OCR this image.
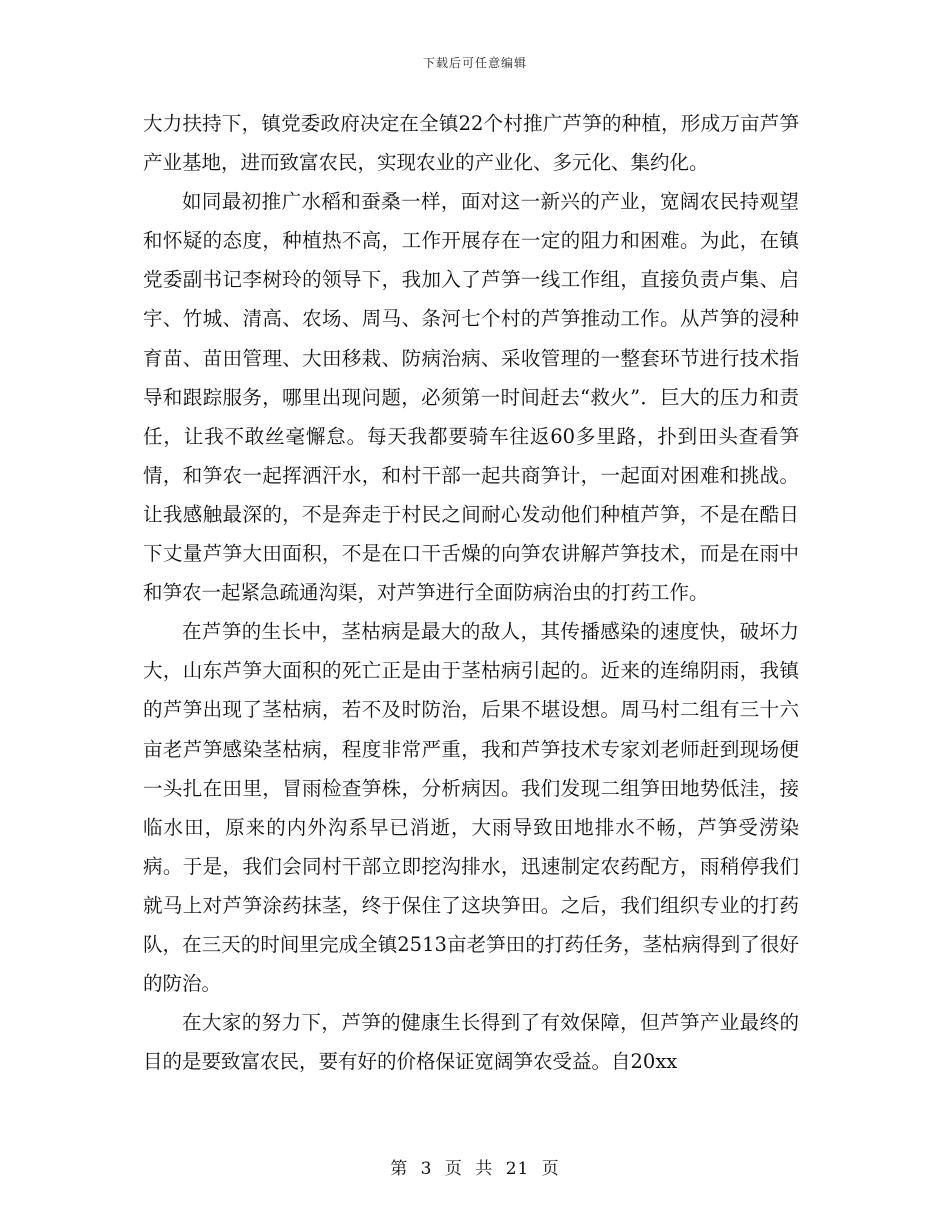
下载后可任意编辑

大力扶持下，镇党委政府决定在全镇22个村推广芦笋的种植，形成万亩芦笋产业基地，进而致富农民，实现农业的产业化、多元化、集约化。

如同最初推广水稻和蚕桑一样，面对这一新兴的产业，宽阔农民持观望和怀疑的态度，种植热不高，工作开展存在一定的阻力和困难。为此，在镇党委副书记李树玲的领导下，我加入了芦笋一线工作组，直接负责卢集、启宇、竹城、清高、农场、周马、条河七个村的芦笋推动工作。从芦笋的浸种育苗、苗田管理、大田移栽、防病治病、采收管理的一整套环节进行技术指导和跟踪服务，哪里出现问题，必须第一时间赶去“救火”．巨大的压力和责任，让我不敢丝毫懈怠。每天我都要骑车往返60多里路，扑到田头查看笋情，和笋农一起挥洒汗水，和村干部一起共商笋计，一起面对困难和挑战。让我感触最深的，不是奔走于村民之间耐心发动他们种植芦笋，不是在酷日下丈量芦笋大田面积，不是在口干舌燥的向笋农讲解芦笋技术，而是在雨中和笋农一起紧急疏通沟渠，对芦笋进行全面防病治虫的打药工作。

在芦笋的生长中，茎枯病是最大的敌人，其传播感染的速度快，破坏力大，山东芦笋大面积的死亡正是由于茎枯病引起的。近来的连绵阴雨，我镇的芦笋出现了茎枯病，若不及时防治，后果不堪设想。周马村二组有三十六亩老芦笋感染茎枯病，程度非常严重，我和芦笋技术专家刘老师赶到现场便一头扎在田里，冒雨检查笋株，分析病因。我们发现二组笋田地势低洼，接临水田，原来的内外沟系早已消逝，大雨导致田地排水不畅，芦笋受涝染病。于是，我们会同村干部立即挖沟排水，迅速制定农药配方，雨稍停我们就马上对芦笋涂药抹茎，终于保住了这块笋田。之后，我们组织专业的打药队，在三天的时间里完成全镇2513亩老笋田的打药任务，茎枯病得到了很好的防治。

在大家的努力下，芦笋的健康生长得到了有效保障，但芦笋产业最终的目的是要致富农民，要有好的价格保证宽阔笋农受益。自20xx

第 3 页 共 21 页
